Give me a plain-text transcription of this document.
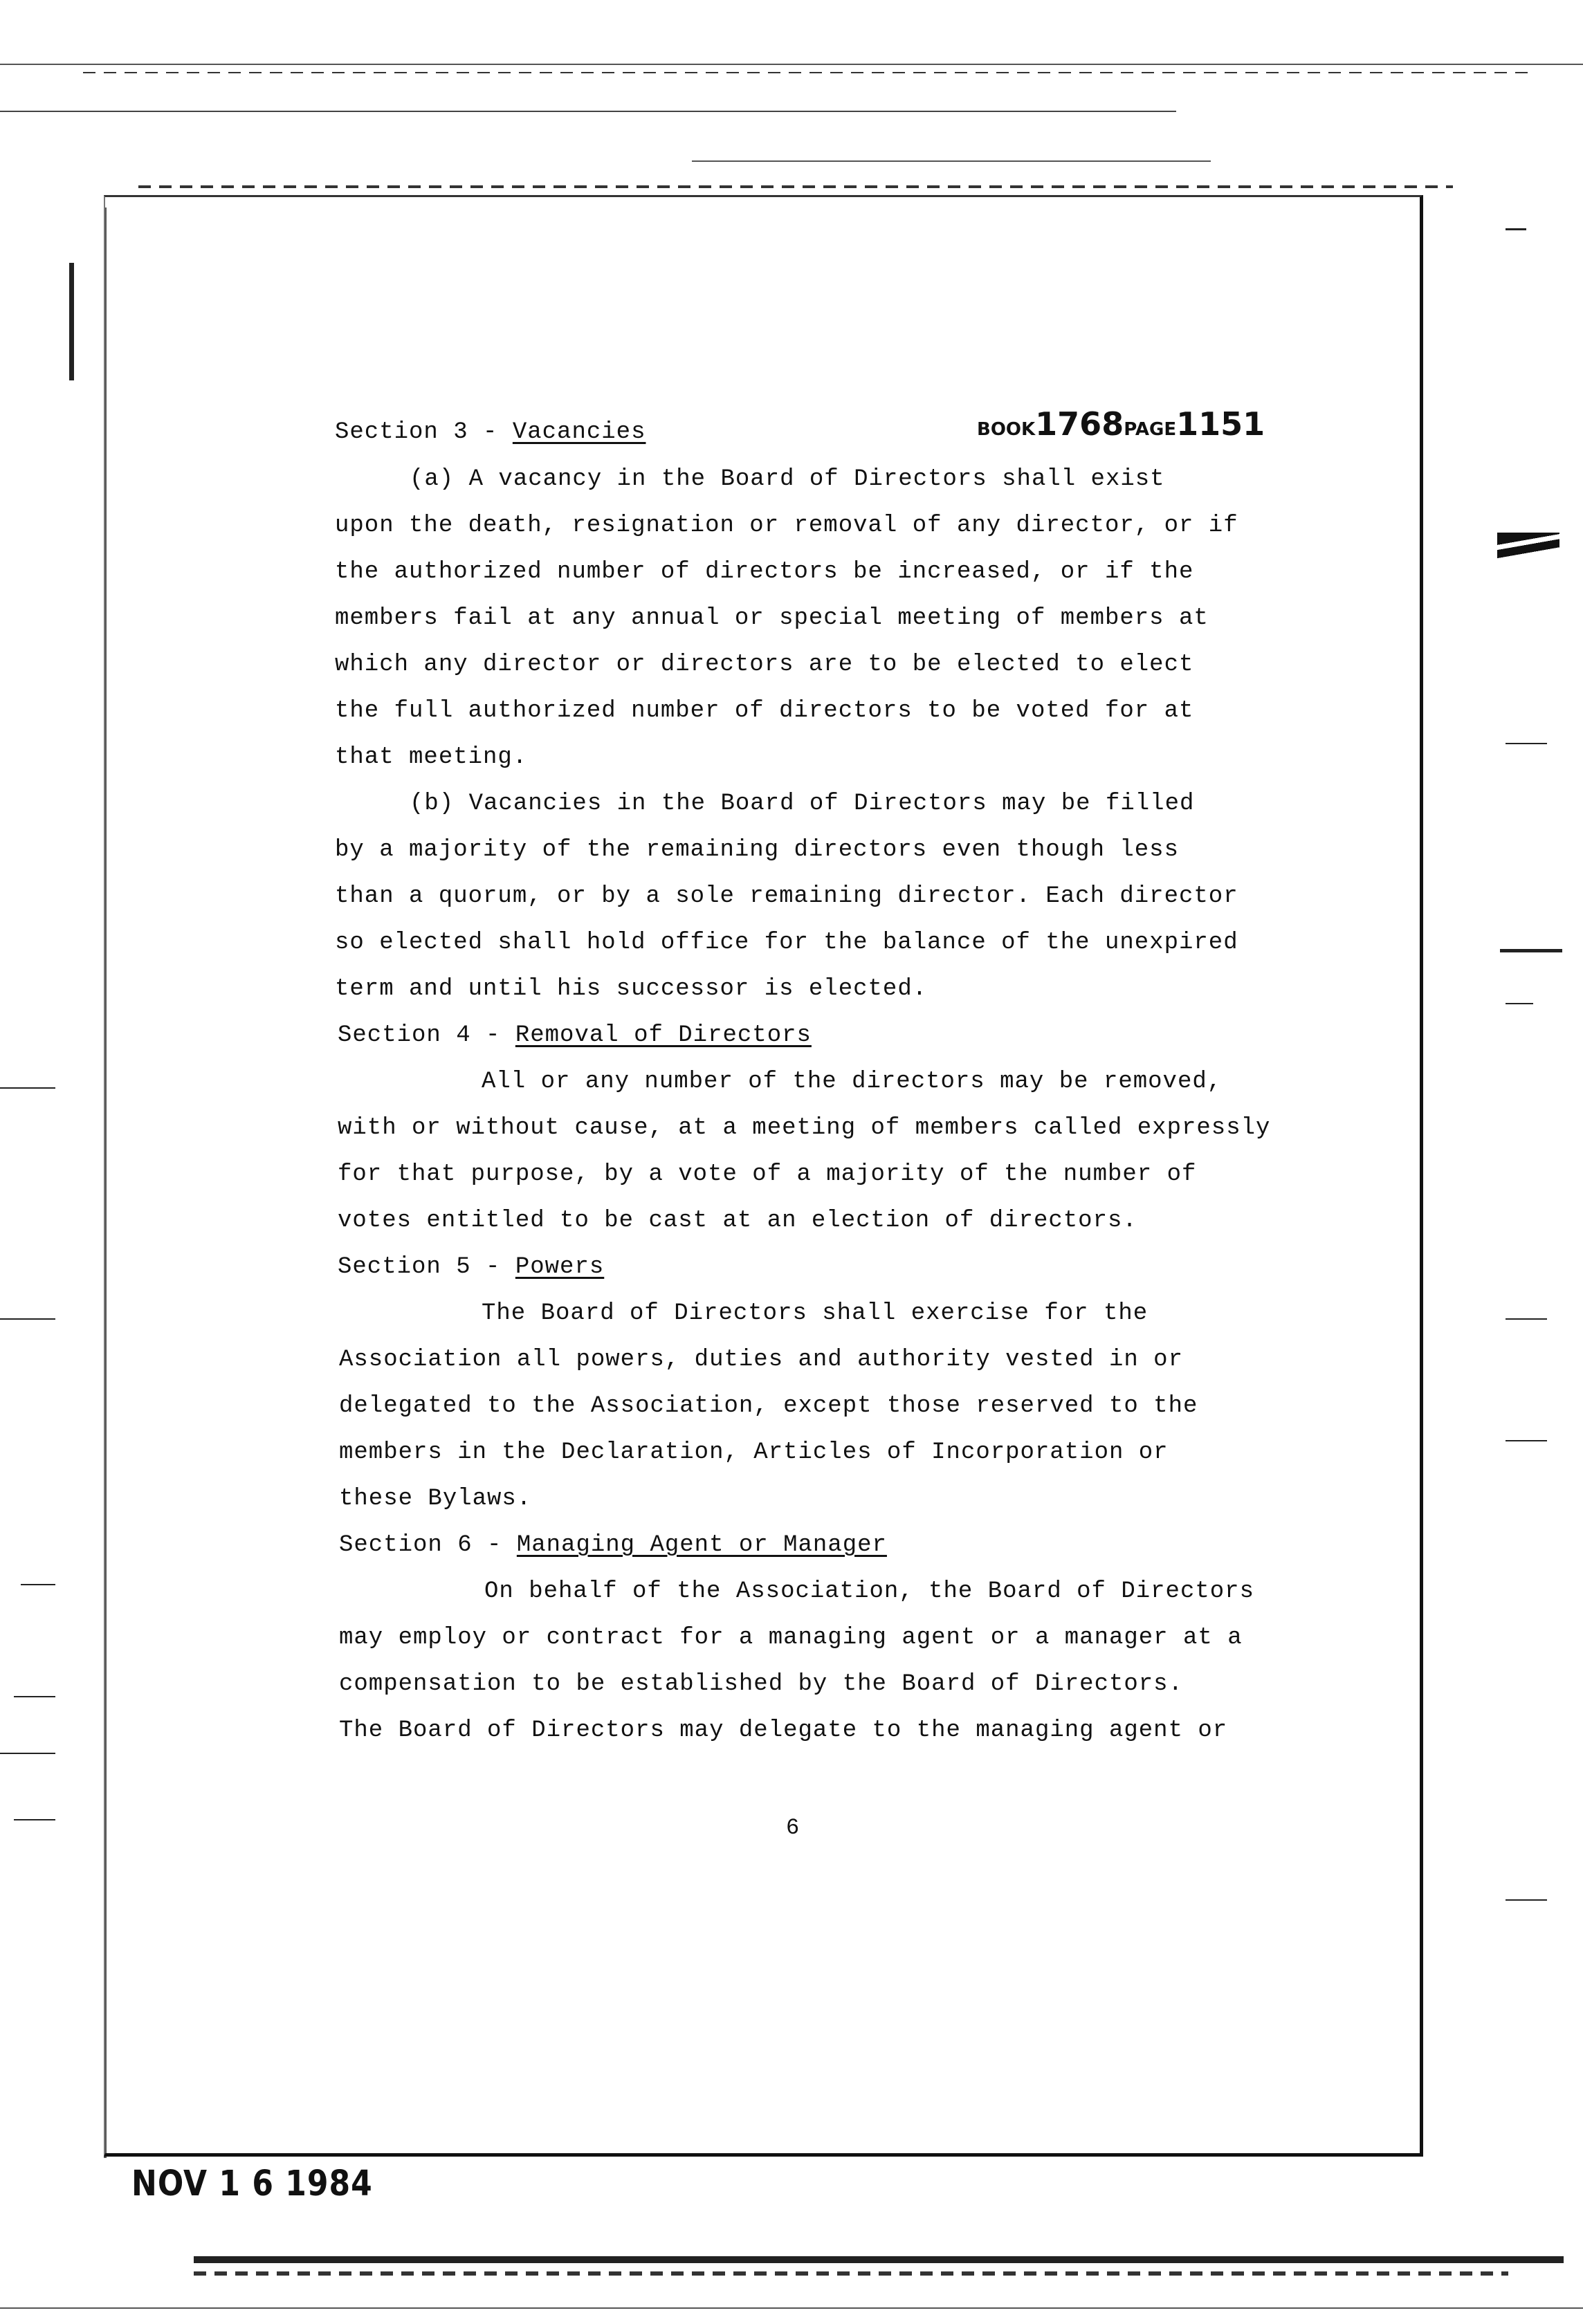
BOOK1768PAGE1151
Section 3 - Vacancies
(a) A vacancy in the Board of Directors shall exist
upon the death, resignation or removal of any director, or if
the authorized number of directors be increased, or if the
members fail at any annual or special meeting of members at
which any director or directors are to be elected to elect
the full authorized number of directors to be voted for at
that meeting.
(b) Vacancies in the Board of Directors may be filled
by a majority of the remaining directors even though less
than a quorum, or by a sole remaining director. Each director
so elected shall hold office for the balance of the unexpired
term and until his successor is elected.
Section 4 - Removal of Directors
All or any number of the directors may be removed,
with or without cause, at a meeting of members called expressly
for that purpose, by a vote of a majority of the number of
votes entitled to be cast at an election of directors.
Section 5 - Powers
The Board of Directors shall exercise for the
Association all powers, duties and authority vested in or
delegated to the Association, except those reserved to the
members in the Declaration, Articles of Incorporation or
these Bylaws.
Section 6 - Managing Agent or Manager
On behalf of the Association, the Board of Directors
may employ or contract for a managing agent or a manager at a
compensation to be established by the Board of Directors.
The Board of Directors may delegate to the managing agent or
6
NOV 1 6 1984
